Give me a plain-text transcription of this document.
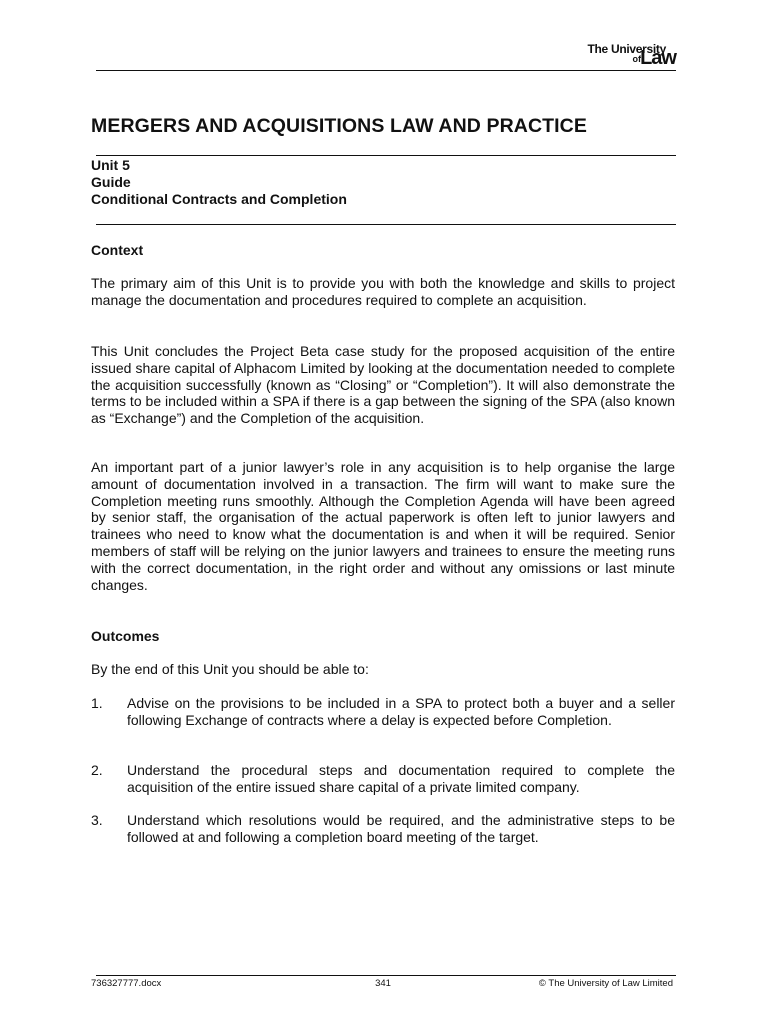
The University
of Law
MERGERS AND ACQUISITIONS LAW AND PRACTICE
Unit 5
Guide
Conditional Contracts and Completion
Context

The primary aim of this Unit is to provide you with both the knowledge and skills to project manage the documentation and procedures required to complete an acquisition.

This Unit concludes the Project Beta case study for the proposed acquisition of the entire issued share capital of Alphacom Limited by looking at the documentation needed to complete the acquisition successfully (known as “Closing” or “Completion”). It will also demonstrate the terms to be included within a SPA if there is a gap between the signing of the SPA (also known as “Exchange”) and the Completion of the acquisition.

An important part of a junior lawyer’s role in any acquisition is to help organise the large amount of documentation involved in a transaction. The firm will want to make sure the Completion meeting runs smoothly. Although the Completion Agenda will have been agreed by senior staff, the organisation of the actual paperwork is often left to junior lawyers and trainees who need to know what the documentation is and when it will be required. Senior members of staff will be relying on the junior lawyers and trainees to ensure the meeting runs with the correct documentation, in the right order and without any omissions or last minute changes.

Outcomes

By the end of this Unit you should be able to:

1. Advise on the provisions to be included in a SPA to protect both a buyer and a seller following Exchange of contracts where a delay is expected before Completion.
2. Understand the procedural steps and documentation required to complete the acquisition of the entire issued share capital of a private limited company.
3. Understand which resolutions would be required, and the administrative steps to be followed at and following a completion board meeting of the target.
736327777.docx	341	© The University of Law Limited
